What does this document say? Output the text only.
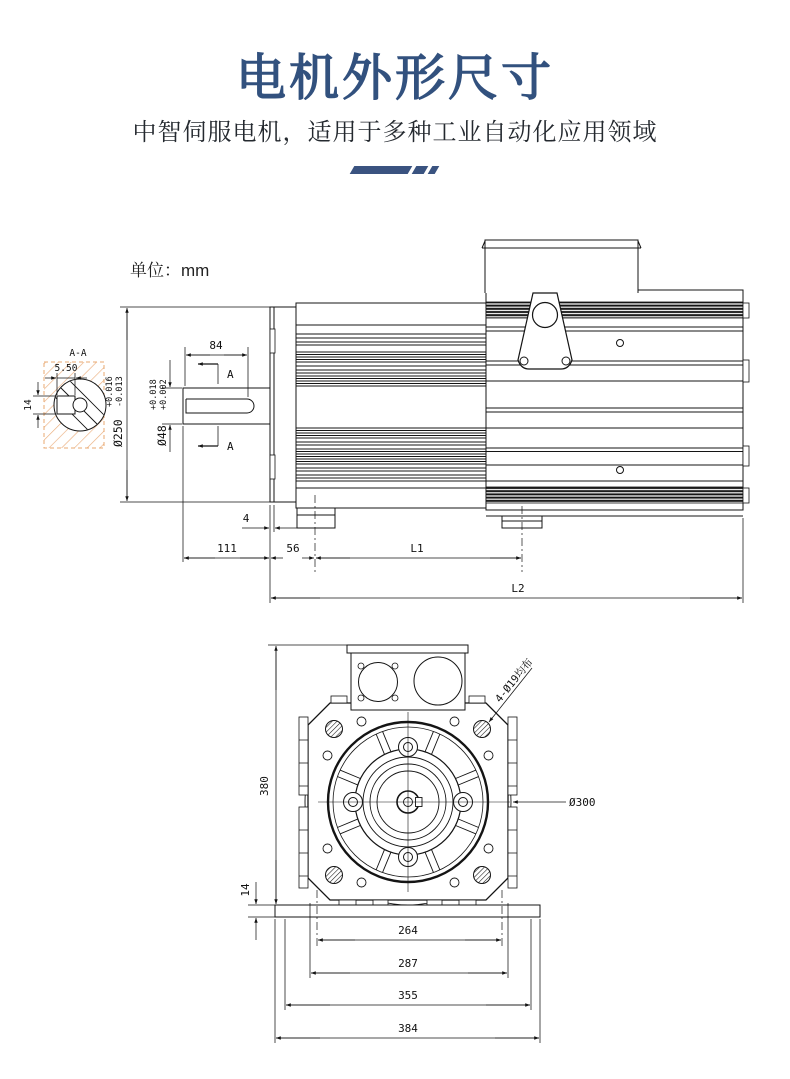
电机外形尺寸
中智伺服电机，适用于多种工业自动化应用领域
单位：mm
A-A
5.50
14
Ø250
+0.016 -0.013
Ø48
+0.018 +0.002
84
A
A
4
111	56	L1
L2
380
14
4-Ø19均布
Ø300
264
287
355
384
